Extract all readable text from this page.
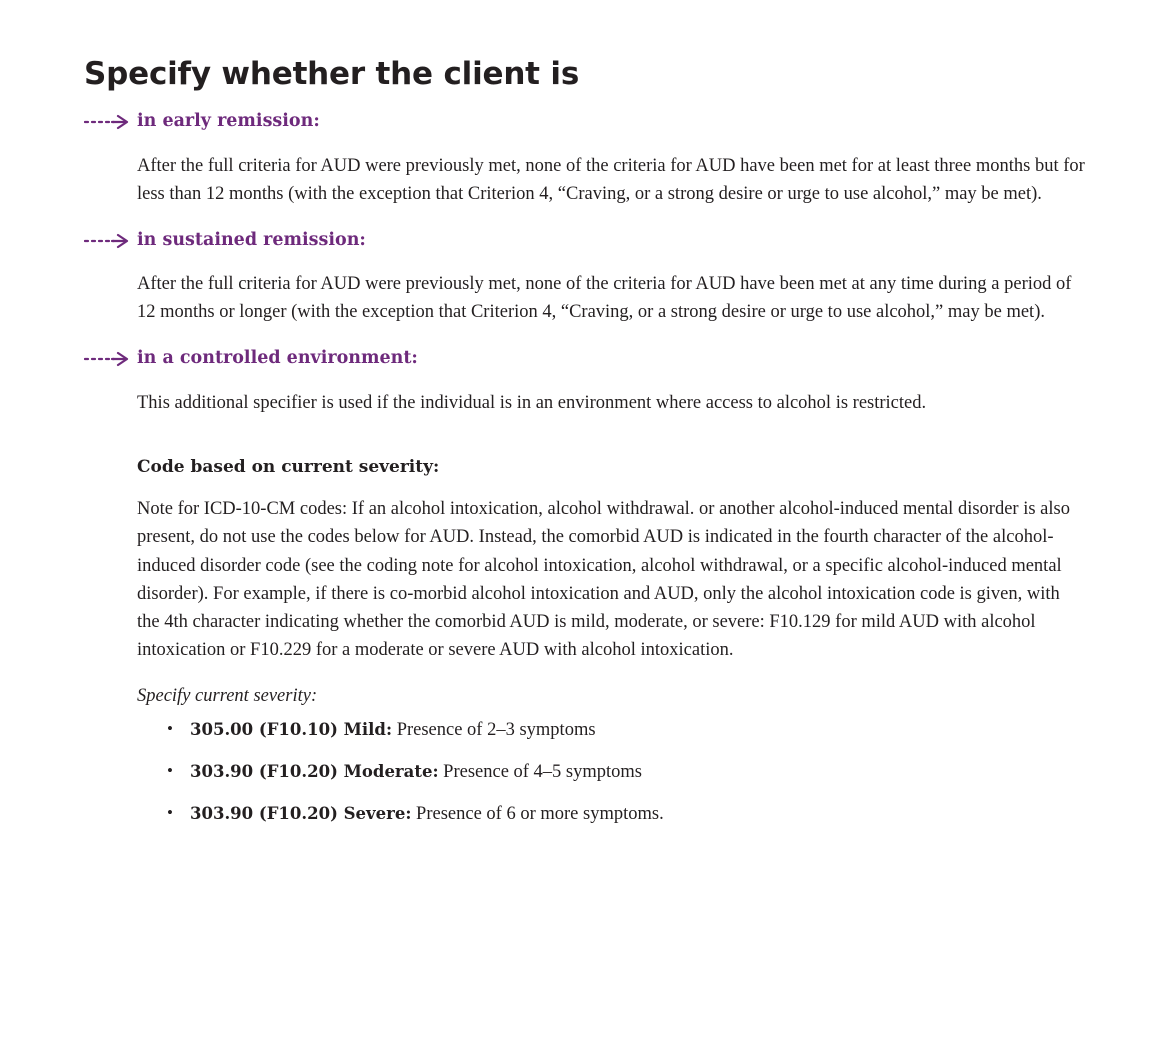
Specify whether the client is
in early remission:

After the full criteria for AUD were previously met, none of the criteria for AUD have been met for at least three months but for less than 12 months (with the exception that Criterion 4, “Craving, or a strong desire or urge to use alcohol,” may be met).

in sustained remission:

After the full criteria for AUD were previously met, none of the criteria for AUD have been met at any time during a period of 12 months or longer (with the exception that Criterion 4, “Craving, or a strong desire or urge to use alcohol,” may be met).

in a controlled environment:

This additional specifier is used if the individual is in an environment where access to alcohol is restricted.

Code based on current severity:

Note for ICD-10-CM codes: If an alcohol intoxication, alcohol withdrawal. or another alcohol-induced mental disorder is also present, do not use the codes below for AUD. Instead, the comorbid AUD is indicated in the fourth character of the alcohol-induced disorder code (see the coding note for alcohol intoxication, alcohol withdrawal, or a specific alcohol-induced mental disorder). For example, if there is co-morbid alcohol intoxication and AUD, only the alcohol intoxication code is given, with the 4th character indicating whether the comorbid AUD is mild, moderate, or severe: F10.129 for mild AUD with alcohol intoxication or F10.229 for a moderate or severe AUD with alcohol intoxication.

Specify current severity:
• 305.00 (F10.10) Mild: Presence of 2–3 symptoms
• 303.90 (F10.20) Moderate: Presence of 4–5 symptoms
• 303.90 (F10.20) Severe: Presence of 6 or more symptoms.
